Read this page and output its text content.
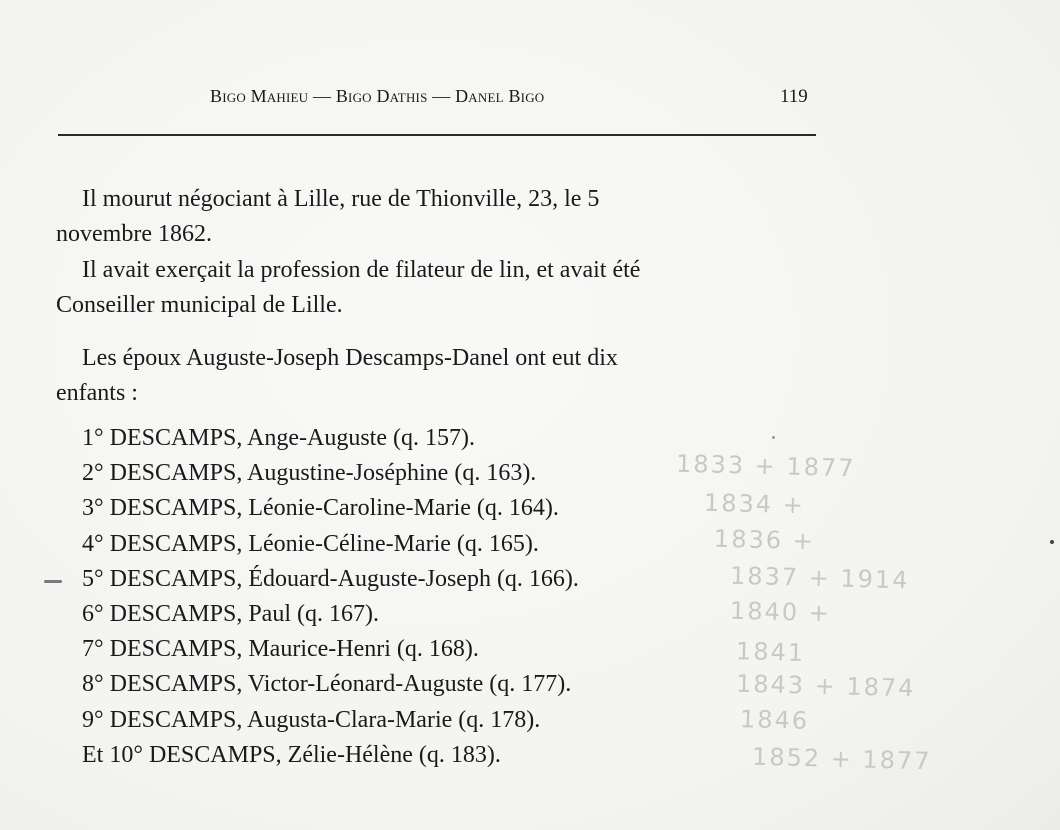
Bigo Mahieu — Bigo Dathis — Danel Bigo	119
Il mourut négociant à Lille, rue de Thionville, 23, le 5
novembre 1862.
Il avait exerçait la profession de filateur de lin, et avait été
Conseiller municipal de Lille.
Les époux Auguste-Joseph Descamps-Danel ont eut dix
enfants :
1° DESCAMPS, Ange-Auguste (q. 157).
2° DESCAMPS, Augustine-Joséphine (q. 163).
3° DESCAMPS, Léonie-Caroline-Marie (q. 164).
4° DESCAMPS, Léonie-Céline-Marie (q. 165).
5° DESCAMPS, Édouard-Auguste-Joseph (q. 166).
6° DESCAMPS, Paul (q. 167).
7° DESCAMPS, Maurice-Henri (q. 168).
8° DESCAMPS, Victor-Léonard-Auguste (q. 177).
9° DESCAMPS, Augusta-Clara-Marie (q. 178).
Et 10° DESCAMPS, Zélie-Hélène (q. 183).
1833 + 1877
1834 +
1836 +
1837 + 1914
1840 +
1841
1843 + 1874
1846
1852 + 1877
